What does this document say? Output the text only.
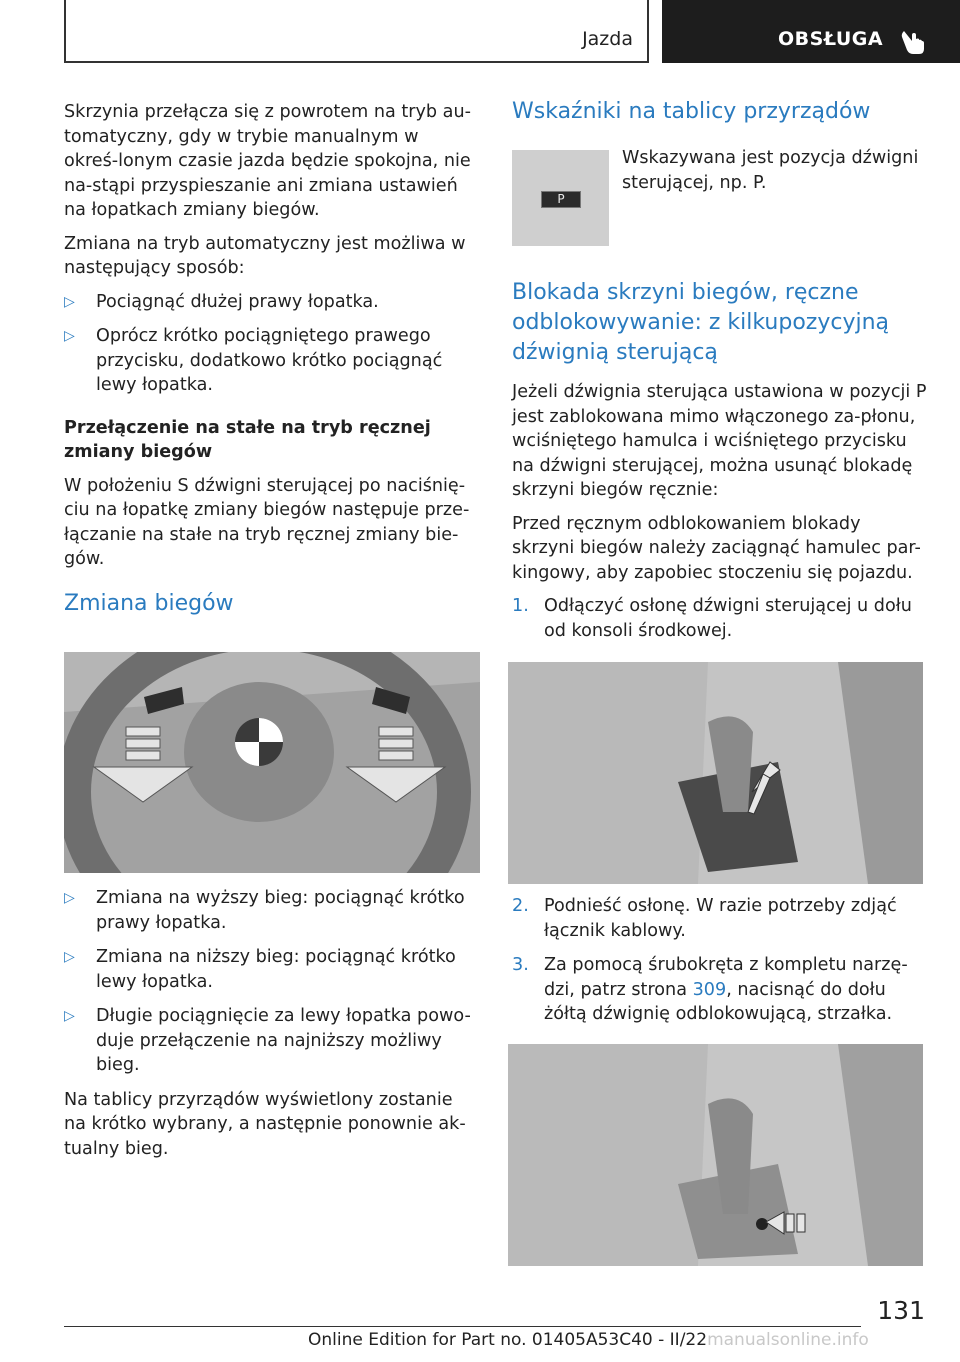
Jazda	OBSŁUGA

Skrzynia przełącza się z powrotem na tryb au-tomatyczny, gdy w trybie manualnym w okreś-lonym czasie jazda będzie spokojna, nie na-stąpi przyspieszanie ani zmiana ustawień na łopatkach zmiany biegów.

Zmiana na tryb automatyczny jest możliwa w następujący sposób:

▷ Pociągnąć dłużej prawy łopatka.
▷ Oprócz krótko pociągniętego prawego przycisku, dodatkowo krótko pociągnąć lewy łopatka.

Przełączenie na stałe na tryb ręcznej zmiany biegów

W położeniu S dźwigni sterującej po naciśnię-ciu na łopatkę zmiany biegów następuje prze-łączanie na stałe na tryb ręcznej zmiany bie-gów.

Zmiana biegów
▷ Zmiana na wyższy bieg: pociągnąć krótko prawy łopatka.
▷ Zmiana na niższy bieg: pociągnąć krótko lewy łopatka.
▷ Długie pociągnięcie za lewy łopatka powo-duje przełączenie na najniższy możliwy bieg.

Na tablicy przyrządów wyświetlony zostanie na krótko wybrany, a następnie ponownie ak-tualny bieg.

Wskaźniki na tablicy przyrządów
P

Wskazywana jest pozycja dźwigni sterującej, np. P.

Blokada skrzyni biegów, ręczne odblokowywanie: z kilkupozycyjną dźwignią sterującą

Jeżeli dźwignia sterująca ustawiona w pozycji P jest zablokowana mimo włączonego za-płonu, wciśniętego hamulca i wciśniętego przycisku na dźwigni sterującej, można usunąć blokadę skrzyni biegów ręcznie:

Przed ręcznym odblokowaniem blokady skrzyni biegów należy zaciągnąć hamulec par-kingowy, aby zapobiec stoczeniu się pojazdu.

1. Odłączyć osłonę dźwigni sterującej u dołu od konsoli środkowej.
2. Podnieść osłonę. W razie potrzeby zdjąć łącznik kablowy.
3. Za pomocą śrubokręta z kompletu narzę-dzi, patrz strona 309, nacisnąć do dołu żółtą dźwignię odblokowującą, strzałka.
131
Online Edition for Part no. 01405A53C40 - II/22manualsonline.info
